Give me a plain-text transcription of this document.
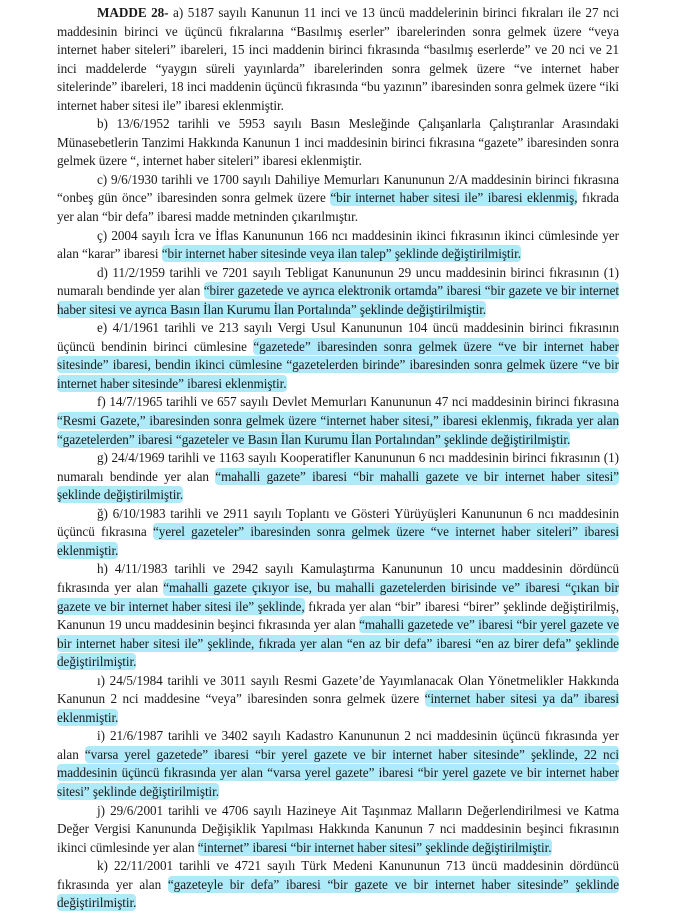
MADDE 28- a) 5187 sayılı Kanunun 11 inci ve 13 üncü maddelerinin birinci fıkraları ile 27 nci maddesinin birinci ve üçüncü fıkralarına “Basılmış eserler” ibarelerinden sonra gelmek üzere “veya internet haber siteleri” ibareleri, 15 inci maddenin birinci fıkrasında “basılmış eserlerde” ve 20 nci ve 21 inci maddelerde “yaygın süreli yayınlarda” ibarelerinden sonra gelmek üzere “ve internet haber sitelerinde” ibareleri, 18 inci maddenin üçüncü fıkrasında “bu yazının” ibaresinden sonra gelmek üzere “iki internet haber sitesi ile” ibaresi eklenmiştir.

b) 13/6/1952 tarihli ve 5953 sayılı Basın Mesleğinde Çalışanlarla Çalıştıranlar Arasındaki Münasebetlerin Tanzimi Hakkında Kanunun 1 inci maddesinin birinci fıkrasına “gazete” ibaresinden sonra gelmek üzere “, internet haber siteleri” ibaresi eklenmiştir.

c) 9/6/1930 tarihli ve 1700 sayılı Dahiliye Memurları Kanununun 2/A maddesinin birinci fıkrasına “onbeş gün önce” ibaresinden sonra gelmek üzere “bir internet haber sitesi ile” ibaresi eklenmiş, fıkrada yer alan “bir defa” ibaresi madde metninden çıkarılmıştır.

ç) 2004 sayılı İcra ve İflas Kanununun 166 ncı maddesinin ikinci fıkrasının ikinci cümlesinde yer alan “karar” ibaresi “bir internet haber sitesinde veya ilan talep” şeklinde değiştirilmiştir.

d) 11/2/1959 tarihli ve 7201 sayılı Tebligat Kanununun 29 uncu maddesinin birinci fıkrasının (1) numaralı bendinde yer alan “birer gazetede ve ayrıca elektronik ortamda” ibaresi “bir gazete ve bir internet haber sitesi ve ayrıca Basın İlan Kurumu İlan Portalında” şeklinde değiştirilmiştir.

e) 4/1/1961 tarihli ve 213 sayılı Vergi Usul Kanununun 104 üncü maddesinin birinci fıkrasının üçüncü bendinin birinci cümlesine “gazetede” ibaresinden sonra gelmek üzere “ve bir internet haber sitesinde” ibaresi, bendin ikinci cümlesine “gazetelerden birinde” ibaresinden sonra gelmek üzere “ve bir internet haber sitesinde” ibaresi eklenmiştir.

f) 14/7/1965 tarihli ve 657 sayılı Devlet Memurları Kanununun 47 nci maddesinin birinci fıkrasına “Resmi Gazete,” ibaresinden sonra gelmek üzere “internet haber sitesi,” ibaresi eklenmiş, fıkrada yer alan “gazetelerden” ibaresi “gazeteler ve Basın İlan Kurumu İlan Portalından” şeklinde değiştirilmiştir.

g) 24/4/1969 tarihli ve 1163 sayılı Kooperatifler Kanununun 6 ncı maddesinin birinci fıkrasının (1) numaralı bendinde yer alan “mahalli gazete” ibaresi “bir mahalli gazete ve bir internet haber sitesi” şeklinde değiştirilmiştir.

ğ) 6/10/1983 tarihli ve 2911 sayılı Toplantı ve Gösteri Yürüyüşleri Kanununun 6 ncı maddesinin üçüncü fıkrasına “yerel gazeteler” ibaresinden sonra gelmek üzere “ve internet haber siteleri” ibaresi eklenmiştir.

h) 4/11/1983 tarihli ve 2942 sayılı Kamulaştırma Kanununun 10 uncu maddesinin dördüncü fıkrasında yer alan “mahalli gazete çıkıyor ise, bu mahalli gazetelerden birisinde ve” ibaresi “çıkan bir gazete ve bir internet haber sitesi ile” şeklinde, fıkrada yer alan “bir” ibaresi “birer” şeklinde değiştirilmiş, Kanunun 19 uncu maddesinin beşinci fıkrasında yer alan “mahalli gazetede ve” ibaresi “bir yerel gazete ve bir internet haber sitesi ile” şeklinde, fıkrada yer alan “en az bir defa” ibaresi “en az birer defa” şeklinde değiştirilmiştir.

ı) 24/5/1984 tarihli ve 3011 sayılı Resmi Gazete’de Yayımlanacak Olan Yönetmelikler Hakkında Kanunun 2 nci maddesine “veya” ibaresinden sonra gelmek üzere “internet haber sitesi ya da” ibaresi eklenmiştir.

i) 21/6/1987 tarihli ve 3402 sayılı Kadastro Kanununun 2 nci maddesinin üçüncü fıkrasında yer alan “varsa yerel gazetede” ibaresi “bir yerel gazete ve bir internet haber sitesinde” şeklinde, 22 nci maddesinin üçüncü fıkrasında yer alan “varsa yerel gazete” ibaresi “bir yerel gazete ve bir internet haber sitesi” şeklinde değiştirilmiştir.

j) 29/6/2001 tarihli ve 4706 sayılı Hazineye Ait Taşınmaz Malların Değerlendirilmesi ve Katma Değer Vergisi Kanununda Değişiklik Yapılması Hakkında Kanunun 7 nci maddesinin beşinci fıkrasının ikinci cümlesinde yer alan “internet” ibaresi “bir internet haber sitesi” şeklinde değiştirilmiştir.

k) 22/11/2001 tarihli ve 4721 sayılı Türk Medeni Kanununun 713 üncü maddesinin dördüncü fıkrasında yer alan “gazeteyle bir defa” ibaresi “bir gazete ve bir internet haber sitesinde” şeklinde değiştirilmiştir.
